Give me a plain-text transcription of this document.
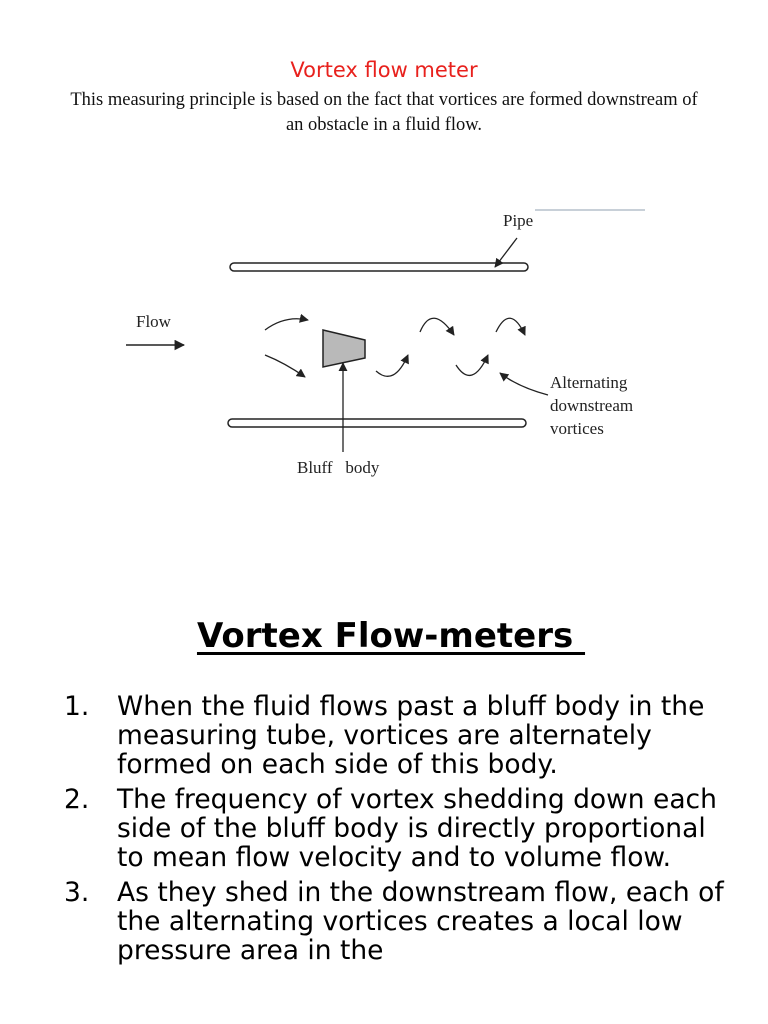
Vortex flow meter
This measuring principle is based on the fact that vortices are formed downstream of an obstacle in a fluid flow.
Pipe
Flow
Bluff   body
Alternating
downstream
vortices
Vortex Flow-meters
1. When the fluid flows past a bluff body in the measuring tube, vortices are alternately formed on each side of this body.
2. The frequency of vortex shedding down each side of the bluff body is directly proportional to mean flow velocity and to volume flow.
3. As they shed in the downstream flow, each of the alternating vortices creates a local low pressure area in the
